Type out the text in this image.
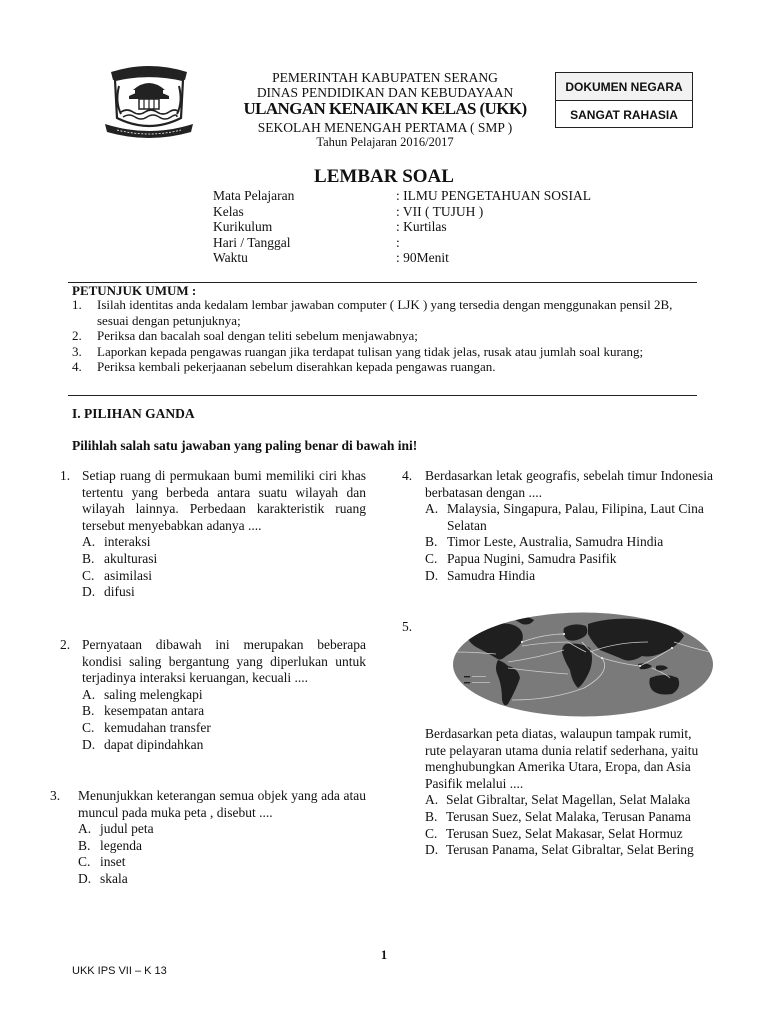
PEMERINTAH KABUPATEN SERANG
DINAS PENDIDIKAN DAN KEBUDAYAAN
ULANGAN KENAIKAN KELAS (UKK)
SEKOLAH MENENGAH PERTAMA ( SMP )
Tahun Pelajaran 2016/2017
DOKUMEN NEGARA
SANGAT RAHASIA
LEMBAR SOAL
Mata Pelajaran	: ILMU PENGETAHUAN SOSIAL
Kelas	: VII ( TUJUH )
Kurikulum	: Kurtilas
Hari / Tanggal	:
Waktu	: 90Menit
PETUNJUK UMUM :
1. Isilah identitas anda kedalam lembar jawaban computer ( LJK ) yang tersedia dengan menggunakan pensil 2B, sesuai dengan petunjuknya;
2. Periksa dan bacalah soal dengan teliti sebelum menjawabnya;
3. Laporkan kepada pengawas ruangan jika terdapat tulisan yang tidak jelas, rusak atau jumlah soal kurang;
4. Periksa kembali pekerjaanan sebelum diserahkan kepada pengawas ruangan.
I. PILIHAN GANDA
Pilihlah salah satu jawaban yang paling benar di bawah ini!
1. Setiap ruang di permukaan bumi memiliki ciri khas tertentu yang berbeda antara suatu wilayah dan wilayah lainnya. Perbedaan karakteristik ruang tersebut menyebabkan adanya ....
A. interaksi
B. akulturasi
C. asimilasi
D. difusi
2. Pernyataan dibawah ini merupakan beberapa kondisi saling bergantung yang diperlukan untuk terjadinya interaksi keruangan, kecuali ....
A. saling melengkapi
B. kesempatan antara
C. kemudahan transfer
D. dapat dipindahkan
3. Menunjukkan keterangan semua objek yang ada atau muncul pada muka peta , disebut ....
A. judul peta
B. legenda
C. inset
D. skala
4. Berdasarkan letak geografis, sebelah timur Indonesia berbatasan dengan ....
A. Malaysia, Singapura, Palau, Filipina, Laut Cina Selatan
B. Timor Leste, Australia, Samudra Hindia
C. Papua Nugini, Samudra Pasifik
D. Samudra Hindia
5.
Berdasarkan peta diatas, walaupun tampak rumit, rute pelayaran utama dunia relatif sederhana, yaitu menghubungkan Amerika Utara, Eropa, dan Asia Pasifik melalui ....
A. Selat Gibraltar, Selat Magellan, Selat Malaka
B. Terusan Suez, Selat Malaka, Terusan Panama
C. Terusan Suez, Selat Makasar, Selat Hormuz
D. Terusan Panama, Selat Gibraltar, Selat Bering
1
UKK IPS VII – K 13
